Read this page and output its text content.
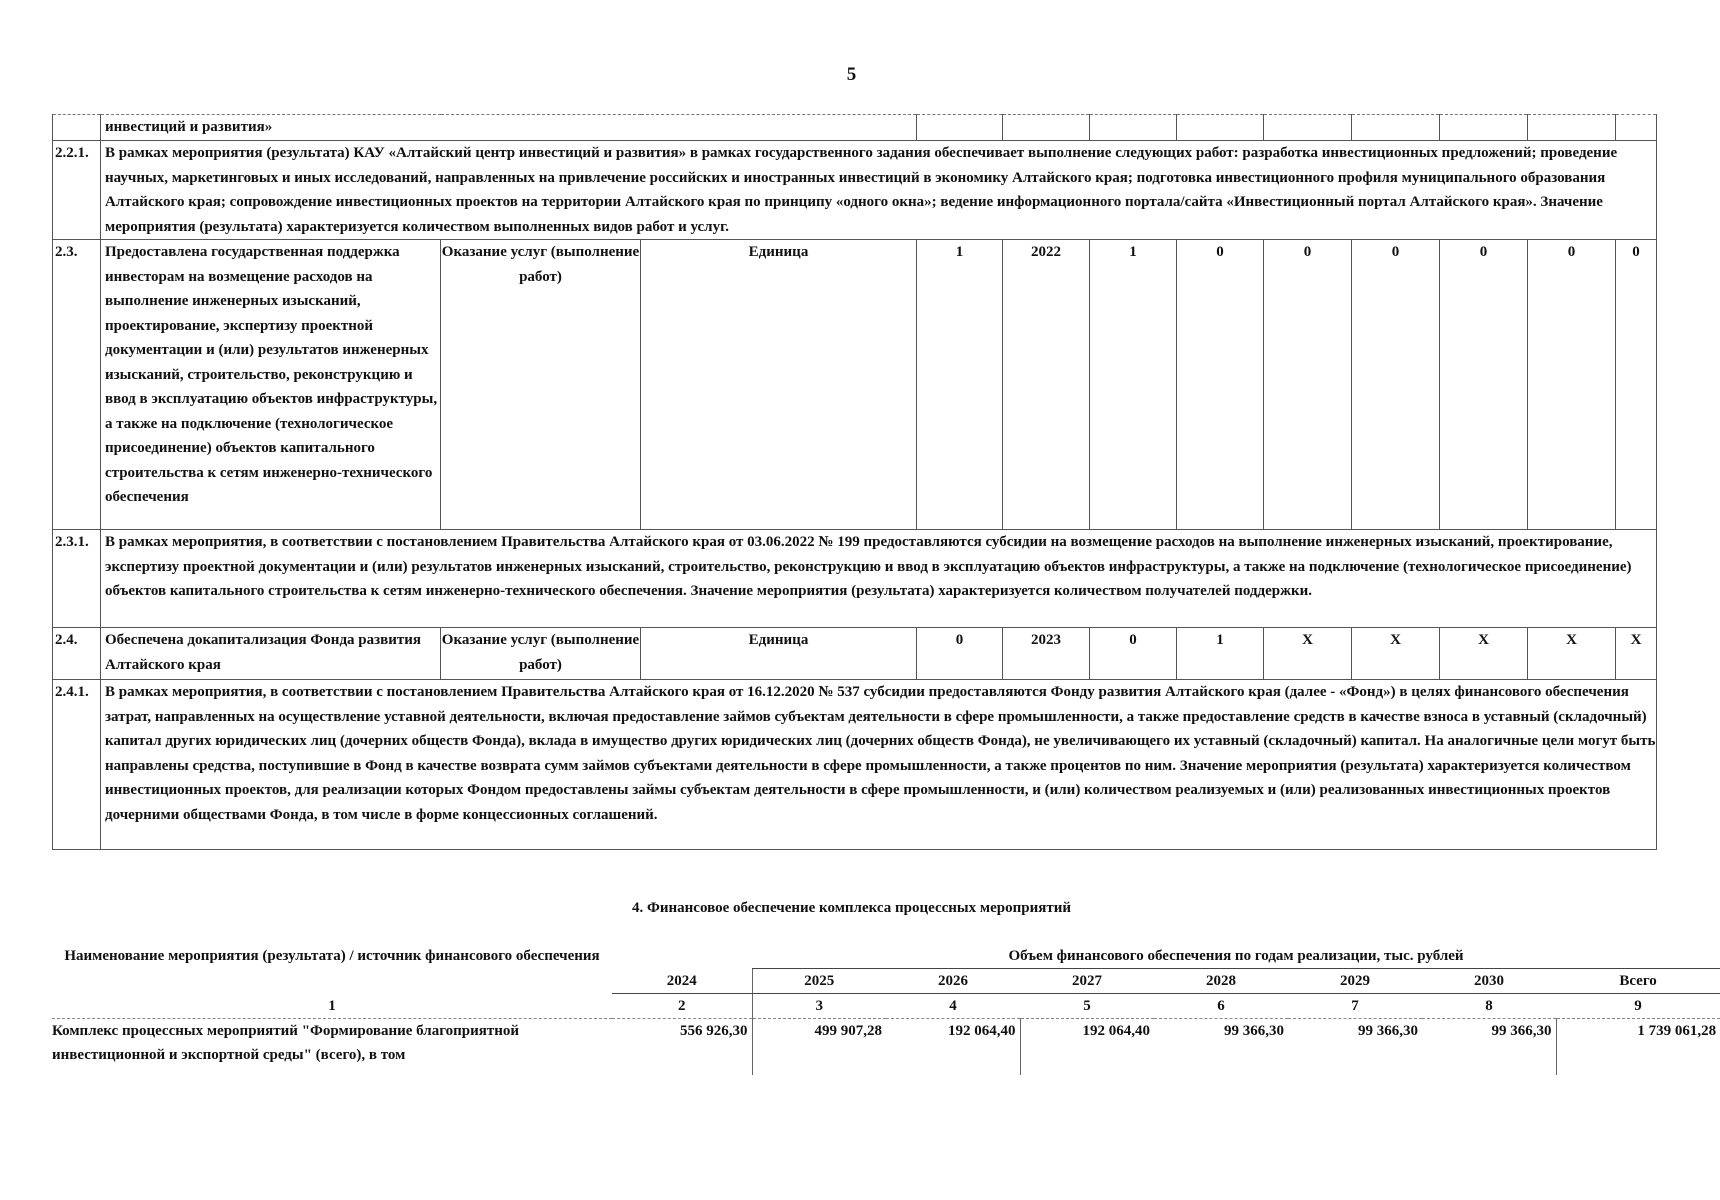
5
	инвестиций и развития»											
2.2.1.	В рамках мероприятия (результата) КАУ «Алтайский центр инвестиций и развития» в рамках государственного задания обеспечивает выполнение следующих работ: разработка инвестиционных предложений; проведение научных, маркетинговых и иных исследований, направленных на привлечение российских и иностранных инвестиций в экономику Алтайского края; подготовка инвестиционного профиля муниципального образования Алтайского края; сопровождение инвестиционных проектов на территории Алтайского края по принципу «одного окна»; ведение информационного портала/сайта «Инвестиционный портал Алтайского края». Значение мероприятия (результата) характеризуется количеством выполненных видов работ и услуг.											
2.3.	Предоставлена государственная поддержка инвесторам на возмещение расходов на выполнение инженерных изысканий, проектирование, экспертизу проектной документации и (или) результатов инженерных изысканий, строительство, реконструкцию и ввод в эксплуатацию объектов инфраструктуры, а также на подключение (технологическое присоединение) объектов капитального строительства к сетям инженерно-технического обеспечения	Оказание услуг (выполнение работ)	Единица	1	2022	1	0	0	0	0	0	0
2.3.1.	В рамках мероприятия, в соответствии с постановлением Правительства Алтайского края от 03.06.2022 № 199 предоставляются субсидии на возмещение расходов на выполнение инженерных изысканий, проектирование, экспертизу проектной документации и (или) результатов инженерных изысканий, строительство, реконструкцию и ввод в эксплуатацию объектов инфраструктуры, а также на подключение (технологическое присоединение) объектов капитального строительства к сетям инженерно-технического обеспечения. Значение мероприятия (результата) характеризуется количеством получателей поддержки.											
2.4.	Обеспечена докапитализация Фонда развития Алтайского края	Оказание услуг (выполнение работ)	Единица	0	2023	0	1	X	X	X	X	X
2.4.1.	В рамках мероприятия, в соответствии с постановлением Правительства Алтайского края от 16.12.2020 № 537 субсидии предоставляются Фонду развития Алтайского края (далее - «Фонд») в целях финансового обеспечения затрат, направленных на осуществление уставной деятельности, включая предоставление займов субъектам деятельности в сфере промышленности, а также предоставление средств в качестве взноса в уставный (складочный) капитал других юридических лиц (дочерних обществ Фонда), вклада в имущество других юридических лиц (дочерних обществ Фонда), не увеличивающего их уставный (складочный) капитал. На аналогичные цели могут быть направлены средства, поступившие в Фонд в качестве возврата сумм займов субъектами деятельности в сфере промышленности, а также процентов по ним. Значение мероприятия (результата) характеризуется количеством инвестиционных проектов, для реализации которых Фондом предоставлены займы субъектам деятельности в сфере промышленности, и (или) количеством реализуемых и (или) реализованных инвестиционных проектов дочерними обществами Фонда, в том числе в форме концессионных соглашений.											
4. Финансовое обеспечение комплекса процессных мероприятий
Наименование мероприятия (результата) / источник финансового обеспечения		Объем финансового обеспечения по годам реализации, тыс. рублей						
	2024	2025	2026	2027	2028	2029	2030	Всего
1	2	3	4	5	6	7	8	9
Комплекс процессных мероприятий "Формирование благоприятной инвестиционной и экспортной среды" (всего), в том	556 926,30	499 907,28	192 064,40	192 064,40	99 366,30	99 366,30	99 366,30	1 739 061,28
